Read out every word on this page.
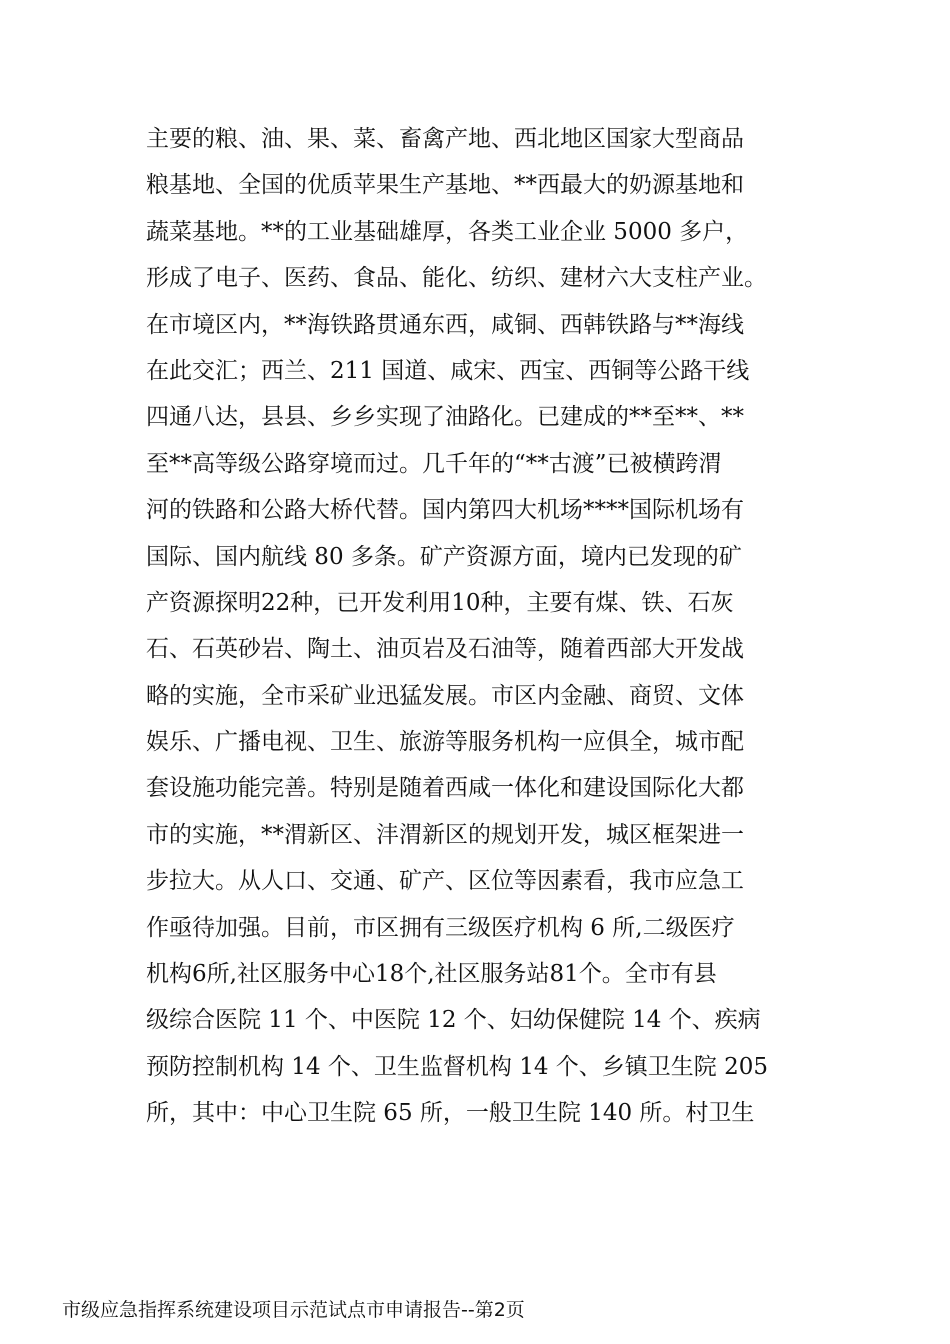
主要的粮、油、果、菜、畜禽产地、西北地区国家大型商品
粮基地、全国的优质苹果生产基地、**西最大的奶源基地和
蔬菜基地。**的工业基础雄厚，各类工业企业 5000 多户，
形成了电子、医药、食品、能化、纺织、建材六大支柱产业。
在市境区内，**海铁路贯通东西，咸铜、西韩铁路与**海线
在此交汇；西兰、211 国道、咸宋、西宝、西铜等公路干线
四通八达，县县、乡乡实现了油路化。已建成的**至**、**
至**高等级公路穿境而过。几千年的“**古渡”已被横跨渭
河的铁路和公路大桥代替。国内第四大机场****国际机场有
国际、国内航线 80 多条。矿产资源方面，境内已发现的矿
产资源探明22种，已开发利用10种，主要有煤、铁、石灰
石、石英砂岩、陶土、油页岩及石油等，随着西部大开发战
略的实施，全市采矿业迅猛发展。市区内金融、商贸、文体
娱乐、广播电视、卫生、旅游等服务机构一应俱全，城市配
套设施功能完善。特别是随着西咸一体化和建设国际化大都
市的实施，**渭新区、沣渭新区的规划开发，城区框架进一
步拉大。从人口、交通、矿产、区位等因素看，我市应急工
作亟待加强。目前，市区拥有三级医疗机构 6 所,二级医疗
机构6所,社区服务中心18个,社区服务站81个。全市有县
级综合医院 11 个、中医院 12 个、妇幼保健院 14 个、疾病
预防控制机构 14 个、卫生监督机构 14 个、乡镇卫生院 205
所，其中：中心卫生院 65 所，一般卫生院 140 所。村卫生
市级应急指挥系统建设项目示范试点市申请报告--第2页
